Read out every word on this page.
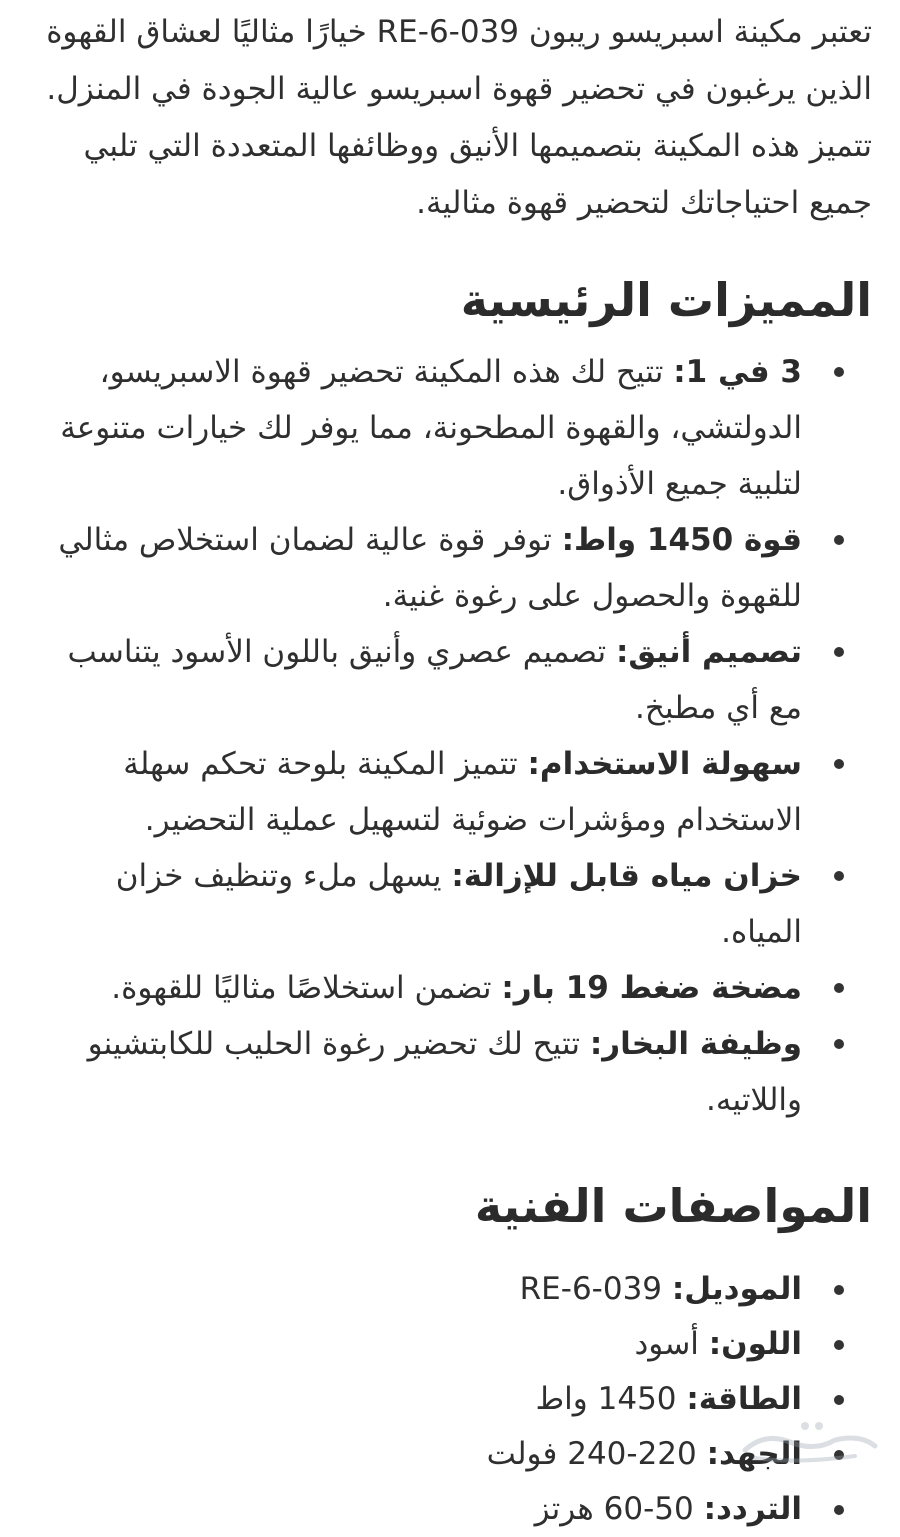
تعتبر مكينة اسبريسو ريبون RE-6-039 خيارًا مثاليًا لعشاق القهوة الذين يرغبون في تحضير قهوة اسبريسو عالية الجودة في المنزل. تتميز هذه المكينة بتصميمها الأنيق ووظائفها المتعددة التي تلبي جميع احتياجاتك لتحضير قهوة مثالية.

المميزات الرئيسية
3 في 1: تتيح لك هذه المكينة تحضير قهوة الاسبريسو، الدولتشي، والقهوة المطحونة، مما يوفر لك خيارات متنوعة لتلبية جميع الأذواق.
قوة 1450 واط: توفر قوة عالية لضمان استخلاص مثالي للقهوة والحصول على رغوة غنية.
تصميم أنيق: تصميم عصري وأنيق باللون الأسود يتناسب مع أي مطبخ.
سهولة الاستخدام: تتميز المكينة بلوحة تحكم سهلة الاستخدام ومؤشرات ضوئية لتسهيل عملية التحضير.
خزان مياه قابل للإزالة: يسهل ملء وتنظيف خزان المياه.
مضخة ضغط 19 بار: تضمن استخلاصًا مثاليًا للقهوة.
وظيفة البخار: تتيح لك تحضير رغوة الحليب للكابتشينو واللاتيه.
المواصفات الفنية
الموديل: RE-6-039
اللون: أسود
الطاقة: 1450 واط
الجهد: 220-240 فولت
التردد: 50-60 هرتز
